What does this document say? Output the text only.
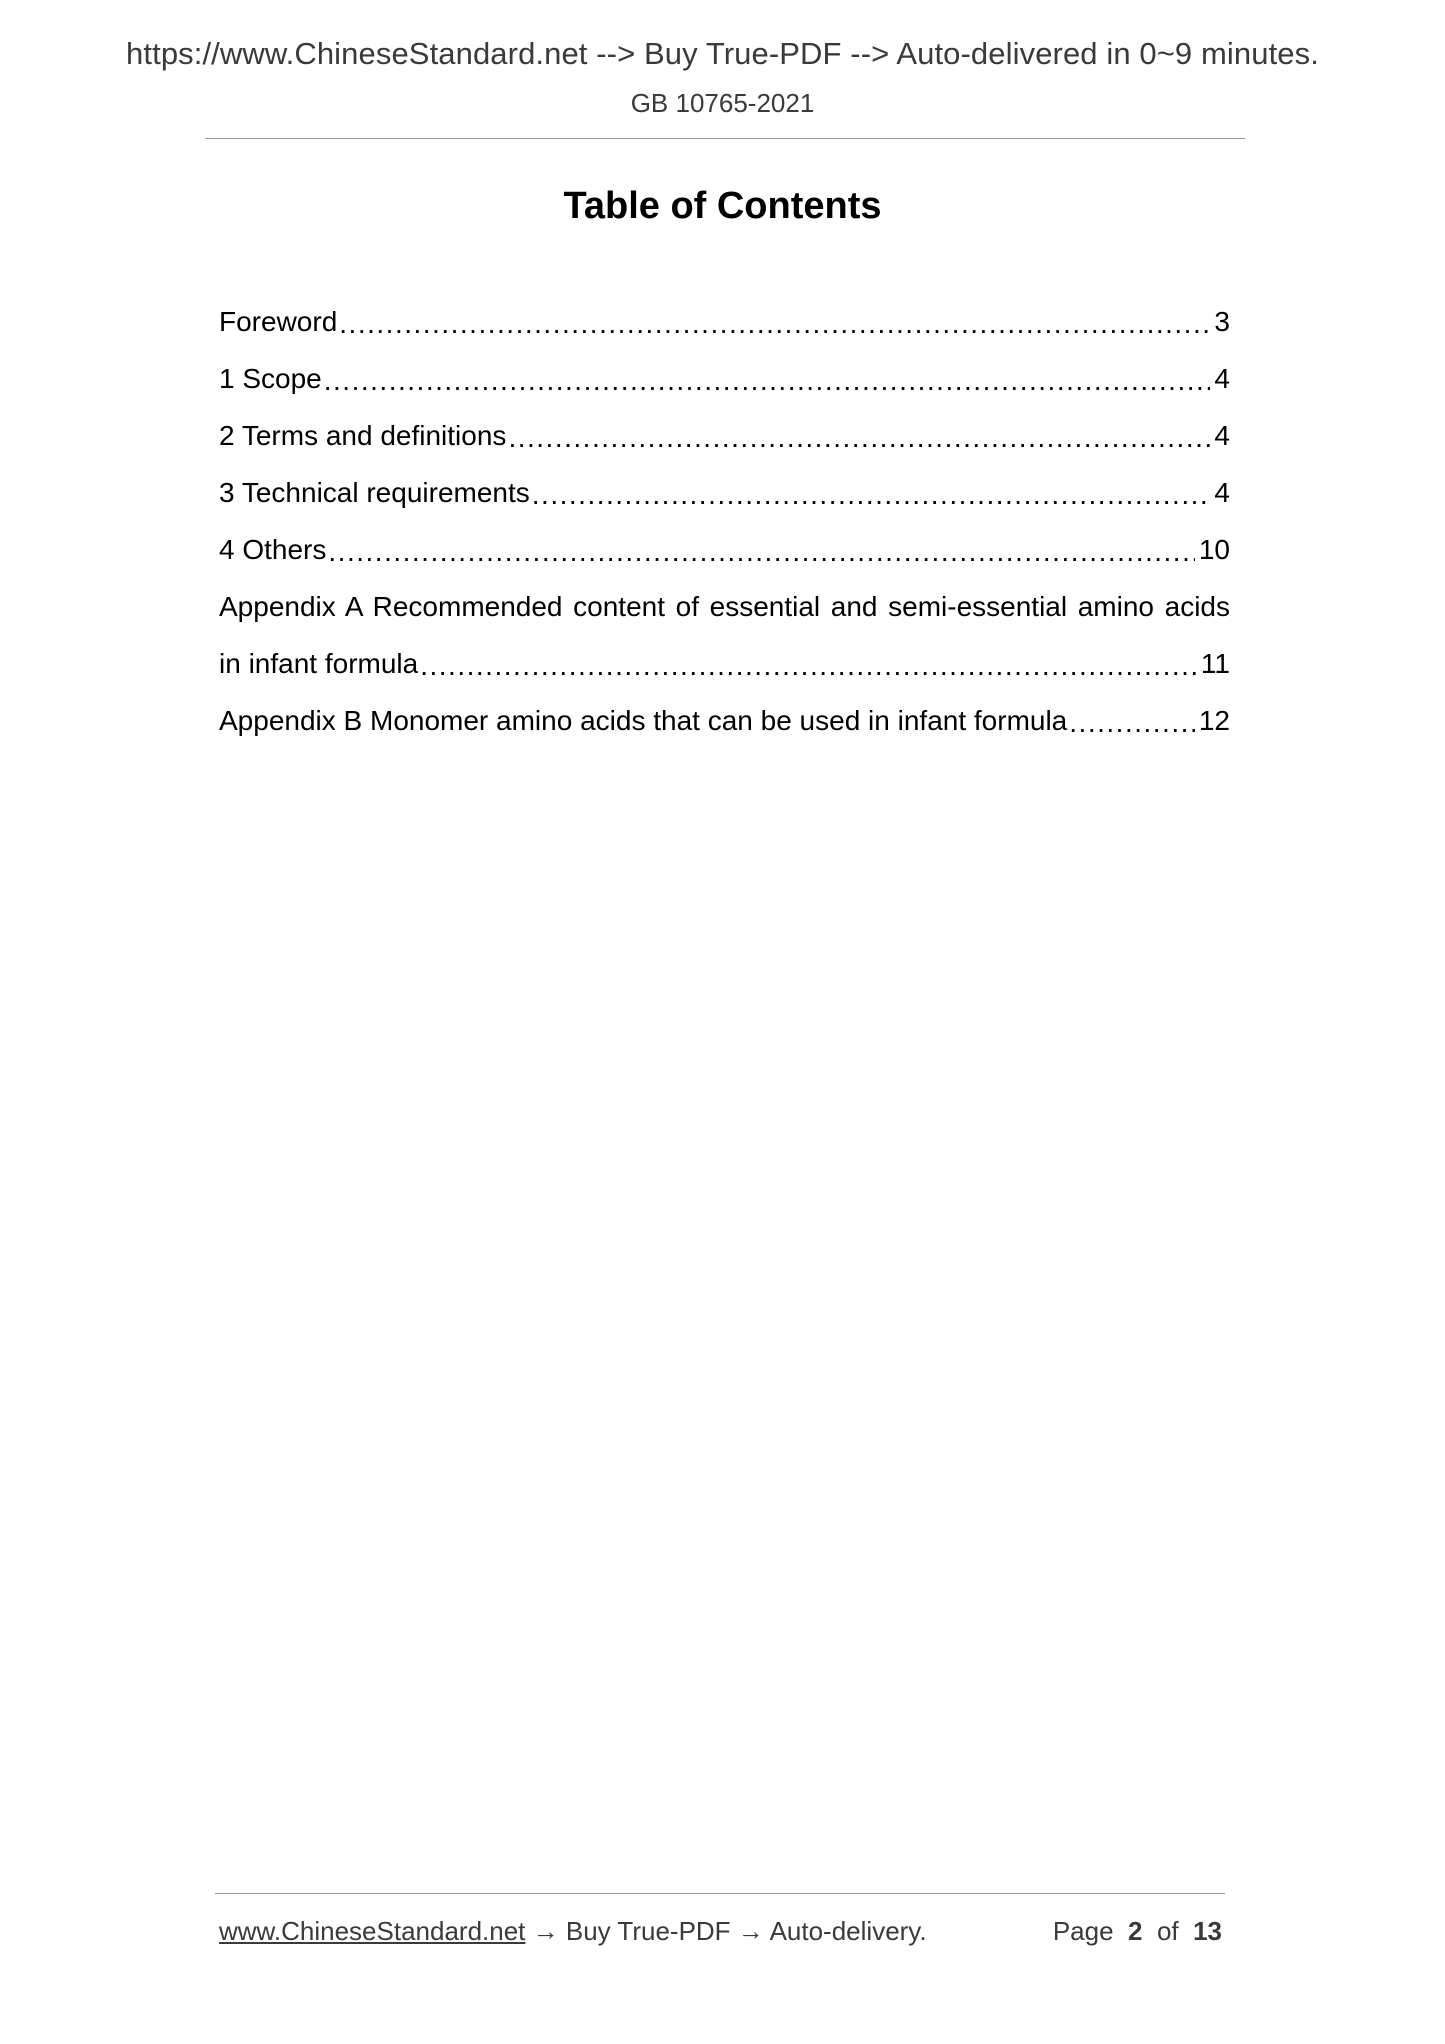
https://www.ChineseStandard.net --> Buy True-PDF --> Auto-delivered in 0~9 minutes.
GB 10765-2021
Table of Contents
Foreword .....	3
1 Scope .....	4
2 Terms and definitions .....	4
3 Technical requirements .....	4
4 Others .....	10
Appendix A Recommended content of essential and semi-essential amino acids
in infant formula .....	11
Appendix B Monomer amino acids that can be used in infant formula .....	12
www.ChineseStandard.net → Buy True-PDF → Auto-delivery.	Page 2 of 13
